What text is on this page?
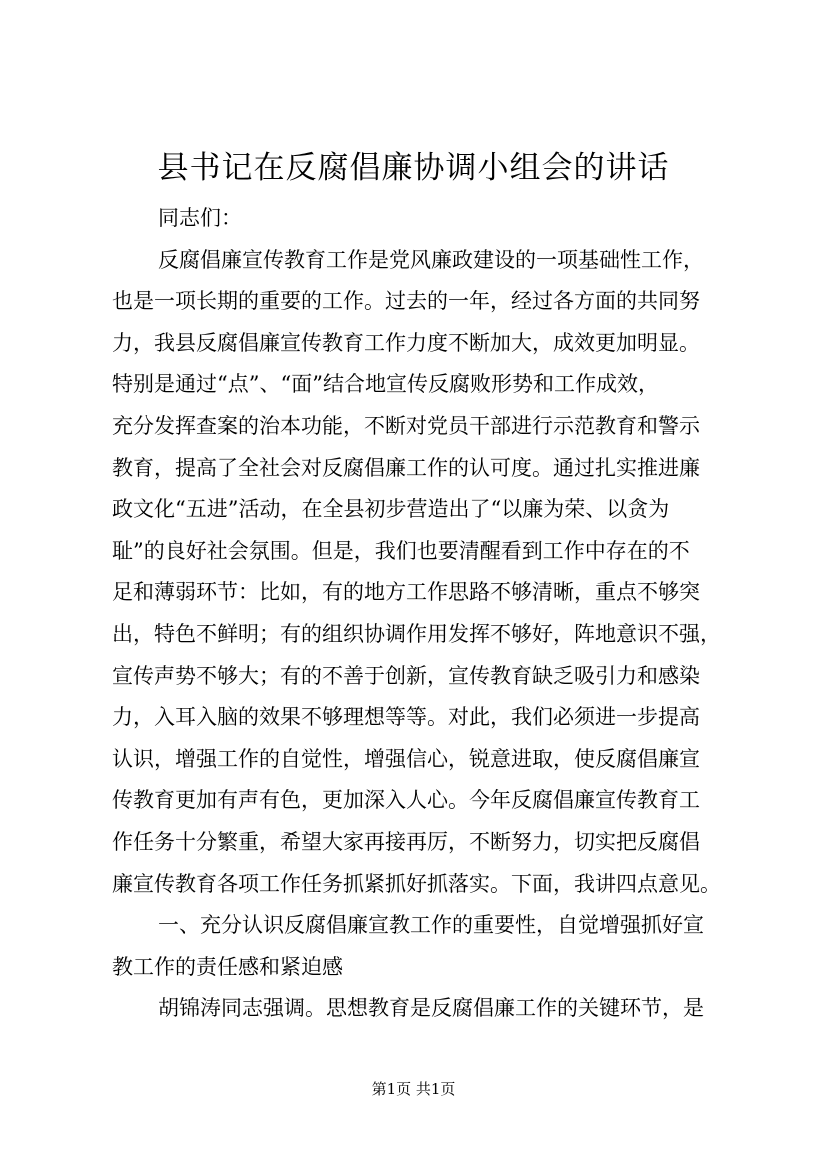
县书记在反腐倡廉协调小组会的讲话
同志们：
反腐倡廉宣传教育工作是党风廉政建设的一项基础性工作，
也是一项长期的重要的工作。过去的一年，经过各方面的共同努
力，我县反腐倡廉宣传教育工作力度不断加大，成效更加明显。
特别是通过“点”、“面”结合地宣传反腐败形势和工作成效，
充分发挥查案的治本功能，不断对党员干部进行示范教育和警示
教育，提高了全社会对反腐倡廉工作的认可度。通过扎实推进廉
政文化“五进”活动，在全县初步营造出了“以廉为荣、以贪为
耻”的良好社会氛围。但是，我们也要清醒看到工作中存在的不
足和薄弱环节：比如，有的地方工作思路不够清晰，重点不够突
出，特色不鲜明；有的组织协调作用发挥不够好，阵地意识不强，
宣传声势不够大；有的不善于创新，宣传教育缺乏吸引力和感染
力，入耳入脑的效果不够理想等等。对此，我们必须进一步提高
认识，增强工作的自觉性，增强信心，锐意进取，使反腐倡廉宣
传教育更加有声有色，更加深入人心。今年反腐倡廉宣传教育工
作任务十分繁重，希望大家再接再厉，不断努力，切实把反腐倡
廉宣传教育各项工作任务抓紧抓好抓落实。下面，我讲四点意见。
一、充分认识反腐倡廉宣教工作的重要性，自觉增强抓好宣
教工作的责任感和紧迫感
胡锦涛同志强调。思想教育是反腐倡廉工作的关键环节，是
第1页 共1页
